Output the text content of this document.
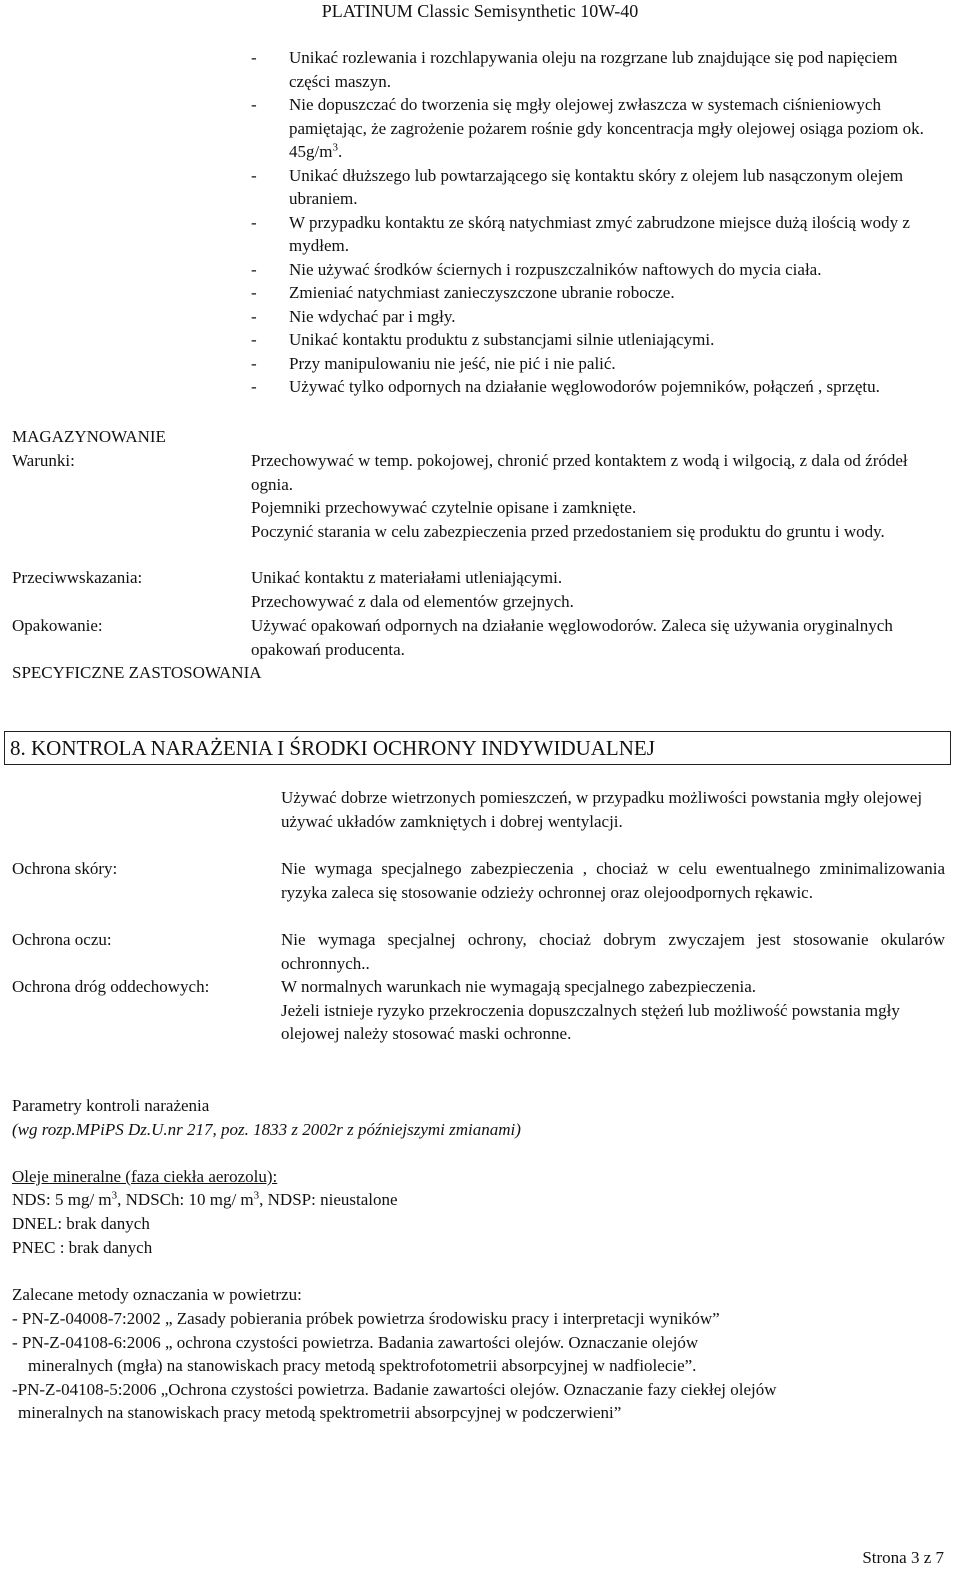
PLATINUM Classic Semisynthetic 10W-40
-	Unikać rozlewania i rozchlapywania oleju na rozgrzane lub znajdujące się pod napięciem części maszyn.
-	Nie dopuszczać do tworzenia się mgły olejowej zwłaszcza w systemach ciśnieniowych pamiętając, że zagrożenie pożarem rośnie gdy koncentracja mgły olejowej osiąga poziom ok. $45g/m^3$.
-	Unikać dłuższego lub powtarzającego się kontaktu skóry z olejem lub nasączonym olejem ubraniem.
-	W przypadku kontaktu ze skórą natychmiast zmyć zabrudzone miejsce dużą ilością wody z mydłem.
-	Nie używać środków ściernych i rozpuszczalników naftowych do mycia ciała.
-	Zmieniać natychmiast zanieczyszczone ubranie robocze.
-	Nie wdychać par i mgły.
-	Unikać kontaktu produktu z substancjami silnie utleniającymi.
-	Przy manipulowaniu nie jeść, nie pić i nie palić.
-	Używać tylko odpornych na działanie węglowodorów pojemników, połączeń , sprzętu.
MAGAZYNOWANIE
Warunki:	Przechowywać w temp. pokojowej, chronić przed kontaktem z wodą i wilgocią, z dala od źródeł ognia.
Pojemniki przechowywać czytelnie opisane i zamknięte.
Poczynić starania w celu zabezpieczenia przed przedostaniem się produktu do gruntu i wody.
Przeciwwskazania:	Unikać kontaktu z materiałami utleniającymi.
Przechowywać z dala od elementów grzejnych.
Opakowanie:	Używać opakowań odpornych na działanie węglowodorów. Zaleca się używania oryginalnych opakowań producenta.
SPECYFICZNE ZASTOSOWANIA
8. KONTROLA NARAŻENIA I ŚRODKI OCHRONY INDYWIDUALNEJ
Używać dobrze wietrzonych pomieszczeń, w przypadku możliwości powstania mgły olejowej używać układów zamkniętych i dobrej wentylacji.
Ochrona skóry:	Nie wymaga specjalnego zabezpieczenia , chociaż w celu ewentualnego zminimalizowania ryzyka zaleca się stosowanie odzieży ochronnej oraz olejoodpornych rękawic.
Ochrona oczu:	Nie wymaga specjalnej ochrony, chociaż dobrym zwyczajem jest stosowanie okularów ochronnych..
Ochrona dróg oddechowych:	W normalnych warunkach nie wymagają specjalnego zabezpieczenia.
Jeżeli istnieje ryzyko przekroczenia dopuszczalnych stężeń lub możliwość powstania mgły olejowej należy stosować maski ochronne.
Parametry kontroli narażenia
(wg rozp.MPiPS Dz.U.nr 217, poz. 1833 z 2002r z późniejszymi zmianami)
Oleje mineralne (faza ciekła aerozolu):
NDS: 5 mg/ $m^3$, NDSCh: 10 mg/ $m^3$, NDSP: nieustalone
DNEL: brak danych
PNEC : brak danych
Zalecane metody oznaczania w powietrzu:
- PN-Z-04008-7:2002 „ Zasady pobierania próbek powietrza środowisku pracy i interpretacji wyników”
- PN-Z-04108-6:2006 „ ochrona czystości powietrza. Badania zawartości olejów. Oznaczanie olejów
mineralnych (mgła) na stanowiskach pracy metodą spektrofotometrii absorpcyjnej w nadfiolecie”.
-PN-Z-04108-5:2006 „Ochrona czystości powietrza. Badanie zawartości olejów. Oznaczanie fazy ciekłej olejów
mineralnych na stanowiskach pracy metodą spektrometrii absorpcyjnej w podczerwieni”
Strona 3 z 7
